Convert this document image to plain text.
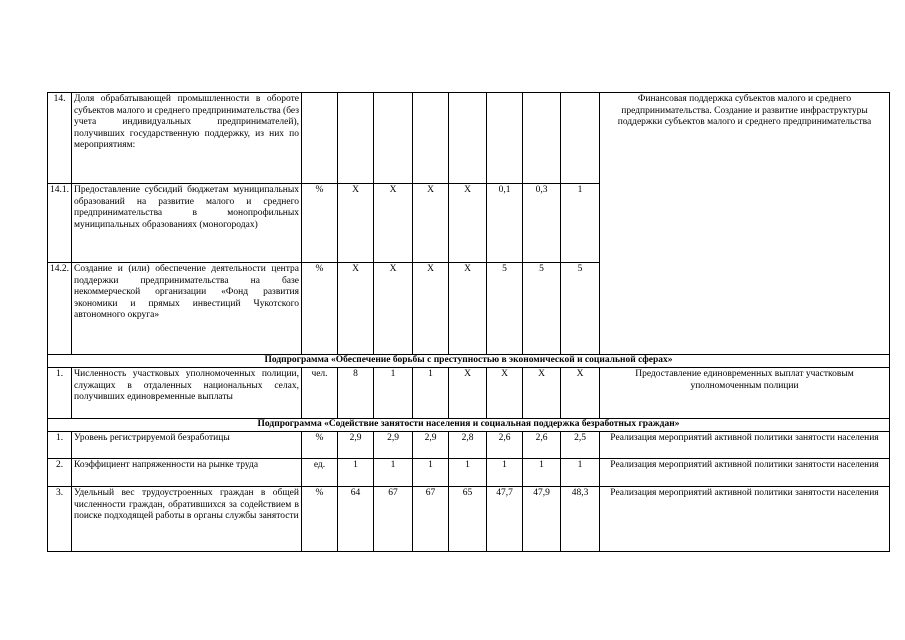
14.	Доля обрабатывающей промышленности в обороте субъектов малого и среднего предпринимательства (без учета индивидуальных предпринимателей), получивших государственную поддержку, из них по мероприятиям:									Финансовая поддержка субъектов малого и среднего предпринимательства. Создание и развитие инфраструктуры поддержки субъектов малого и среднего предпринимательства
14.1.	Предоставление субсидий бюджетам муниципальных образований на развитие малого и среднего предпринимательства в монопрофильных муниципальных образованиях (моногородах)	%	X	X	X	X	0,1	0,3	1	
14.2.	Создание и (или) обеспечение деятельности центра поддержки предпринимательства на базе некоммерческой организации «Фонд развития экономики и прямых инвестиций Чукотского автономного округа»	%	X	X	X	X	5	5	5	
Подпрограмма «Обеспечение борьбы с преступностью в экономической и социальной сферах»										
1.	Численность участковых уполномоченных полиции, служащих в отдаленных национальных селах, получивших единовременные выплаты	чел.	8	1	1	X	X	X	X	Предоставление единовременных выплат участковым уполномоченным полиции
Подпрограмма «Содействие занятости населения и социальная поддержка безработных граждан»										
1.	Уровень регистрируемой безработицы	%	2,9	2,9	2,9	2,8	2,6	2,6	2,5	Реализация мероприятий активной политики занятости населения
2.	Коэффициент напряженности на рынке труда	ед.	1	1	1	1	1	1	1	Реализация мероприятий активной политики занятости населения
3.	Удельный вес трудоустроенных граждан в общей численности граждан, обратившихся за содействием в поиске подходящей работы в органы службы занятости	%	64	67	67	65	47,7	47,9	48,3	Реализация мероприятий активной политики занятости населения
